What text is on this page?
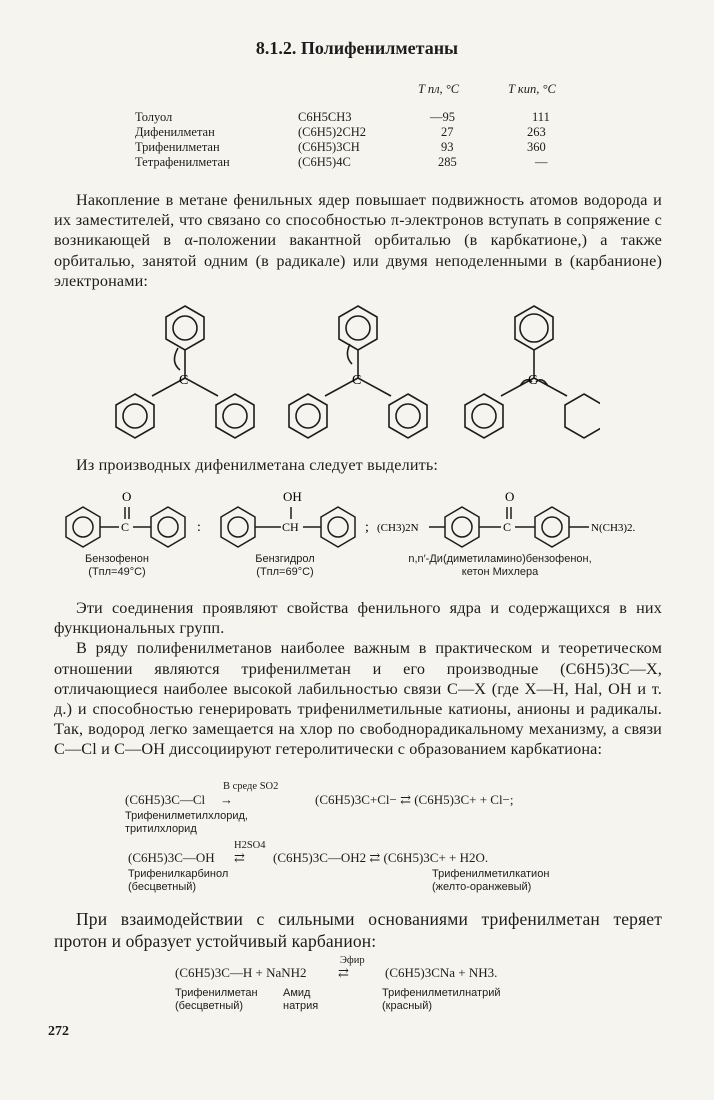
8.1.2. Полифенилметаны
T пл, °C	T кип, °C
Толуол	C6H5CH3	—95	111
Дифенилметан	(C6H5)2CH2	27	263
Трифенилметан	(C6H5)3CH	93	360
Тетрафенилметан	(C6H5)4C	285	—

Накопление в метане фенильных ядер повышает подвижность атомов водорода и их заместителей, что связано со способностью π-электронов вступать в сопряжение с возникающей в α-положении вакантной орбиталью (в карбкатионе,) а также орбиталью, занятой одним (в радикале) или двумя неподеленными в (карбанионе) электронами:

C	C	C
Из производных дифенилметана следует выделить:
O
C	:
OH
CH	; (CH3)2N
O
C	N(CH3)2.
Бензофенон
(Tпл=49°C)
Бензгидрол
(Tпл=69°C)
n,n′-Ди(диметиламино)бензофенон,
кетон Михлера

Эти соединения проявляют свойства фенильного ядра и содержащихся в них функциональных групп.

В ряду полифенилметанов наиболее важным в практическом и теоретическом отношении являются трифенилметан и его производные (C6H5)3C—X, отличающиеся наиболее высокой лабильностью связи C—X (где X—H, Hal, OH и т. д.) и способностью генерировать трифенилметильные катионы, анионы и радикалы. Так, водород легко замещается на хлор по свободнорадикальному механизму, а связи C—Cl и C—OH диссоциируют гетеролитически с образованием карбкатиона:

(C6H5)3C—Cl
В среде SO2
→	(C6H5)3C+Cl− ⇄ (C6H5)3C+ + Cl−;
Трифенилметилхлорид,
тритилхлорид
(C6H5)3C—OH
H2SO4
⇄ (C6H5)3C—OH2 ⇄ (C6H5)3C+ + H2O.
Трифенилкарбинол
(бесцветный)
Трифенилметилкатион
(желто-оранжевый)

При взаимодействии с сильными основаниями трифенилметан теряет протон и образует устойчивый карбанион:

(C6H5)3C—H + NaNH2
Эфир
⇄	(C6H5)3CNa + NH3.
Трифенилметан
(бесцветный)
Амид
натрия
Трифенилметилнатрий
(красный)
272
